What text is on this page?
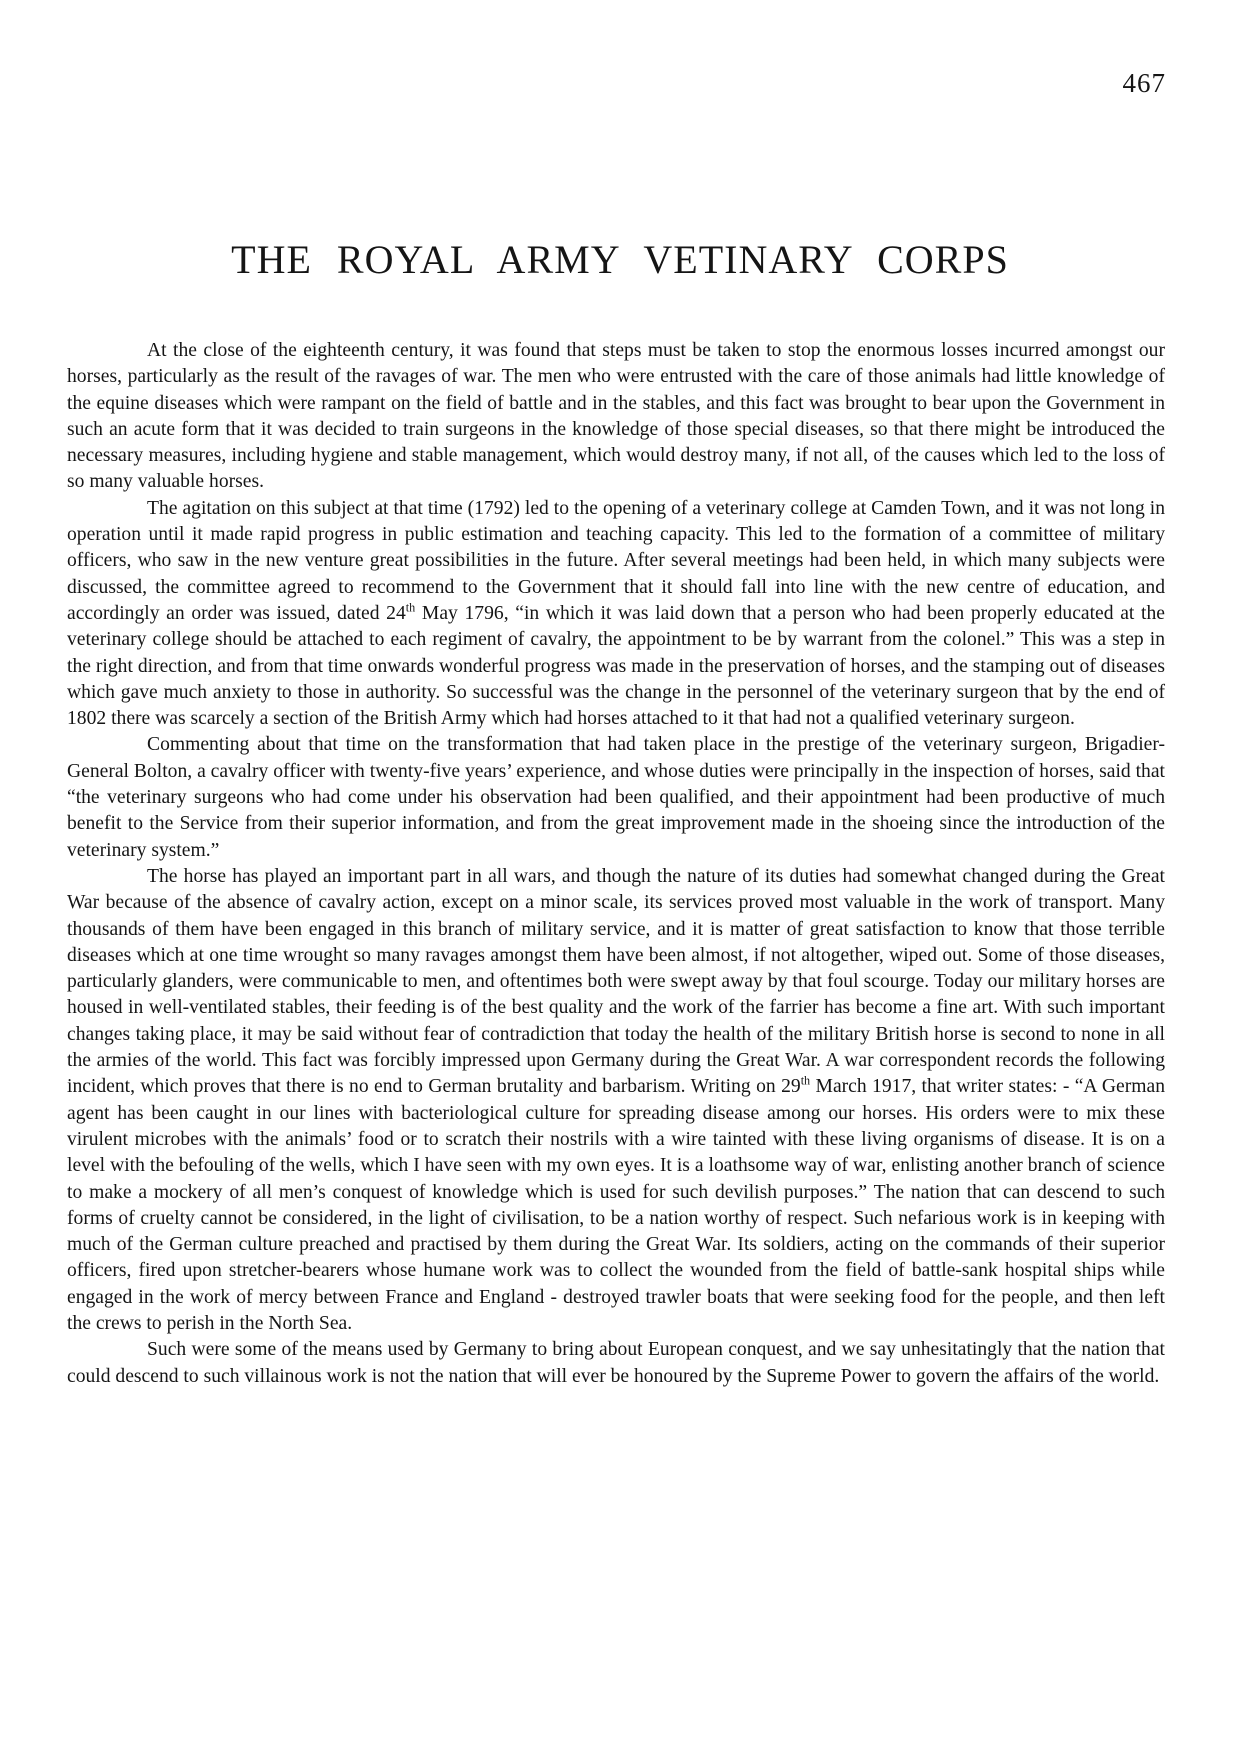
467
THE ROYAL ARMY VETINARY CORPS

At the close of the eighteenth century, it was found that steps must be taken to stop the enormous losses incurred amongst our horses, particularly as the result of the ravages of war. The men who were entrusted with the care of those animals had little knowledge of the equine diseases which were rampant on the field of battle and in the stables, and this fact was brought to bear upon the Government in such an acute form that it was decided to train surgeons in the knowledge of those special diseases, so that there might be introduced the necessary measures, including hygiene and stable management, which would destroy many, if not all, of the causes which led to the loss of so many valuable horses.

The agitation on this subject at that time (1792) led to the opening of a veterinary college at Camden Town, and it was not long in operation until it made rapid progress in public estimation and teaching capacity. This led to the formation of a committee of military officers, who saw in the new venture great possibilities in the future. After several meetings had been held, in which many subjects were discussed, the committee agreed to recommend to the Government that it should fall into line with the new centre of education, and accordingly an order was issued, dated 24th May 1796, “in which it was laid down that a person who had been properly educated at the veterinary college should be attached to each regiment of cavalry, the appointment to be by warrant from the colonel.” This was a step in the right direction, and from that time onwards wonderful progress was made in the preservation of horses, and the stamping out of diseases which gave much anxiety to those in authority. So successful was the change in the personnel of the veterinary surgeon that by the end of 1802 there was scarcely a section of the British Army which had horses attached to it that had not a qualified veterinary surgeon.

Commenting about that time on the transformation that had taken place in the prestige of the veterinary surgeon, Brigadier-General Bolton, a cavalry officer with twenty-five years’ experience, and whose duties were principally in the inspection of horses, said that “the veterinary surgeons who had come under his observation had been qualified, and their appointment had been productive of much benefit to the Service from their superior information, and from the great improvement made in the shoeing since the introduction of the veterinary system.”

The horse has played an important part in all wars, and though the nature of its duties had somewhat changed during the Great War because of the absence of cavalry action, except on a minor scale, its services proved most valuable in the work of transport. Many thousands of them have been engaged in this branch of military service, and it is matter of great satisfaction to know that those terrible diseases which at one time wrought so many ravages amongst them have been almost, if not altogether, wiped out. Some of those diseases, particularly glanders, were communicable to men, and oftentimes both were swept away by that foul scourge. Today our military horses are housed in well-ventilated stables, their feeding is of the best quality and the work of the farrier has become a fine art. With such important changes taking place, it may be said without fear of contradiction that today the health of the military British horse is second to none in all the armies of the world. This fact was forcibly impressed upon Germany during the Great War. A war correspondent records the following incident, which proves that there is no end to German brutality and barbarism. Writing on 29th March 1917, that writer states: - “A German agent has been caught in our lines with bacteriological culture for spreading disease among our horses. His orders were to mix these virulent microbes with the animals’ food or to scratch their nostrils with a wire tainted with these living organisms of disease. It is on a level with the befouling of the wells, which I have seen with my own eyes. It is a loathsome way of war, enlisting another branch of science to make a mockery of all men’s conquest of knowledge which is used for such devilish purposes.” The nation that can descend to such forms of cruelty cannot be considered, in the light of civilisation, to be a nation worthy of respect. Such nefarious work is in keeping with much of the German culture preached and practised by them during the Great War. Its soldiers, acting on the commands of their superior officers, fired upon stretcher-bearers whose humane work was to collect the wounded from the field of battle-sank hospital ships while engaged in the work of mercy between France and England - destroyed trawler boats that were seeking food for the people, and then left the crews to perish in the North Sea.

Such were some of the means used by Germany to bring about European conquest, and we say unhesitatingly that the nation that could descend to such villainous work is not the nation that will ever be honoured by the Supreme Power to govern the affairs of the world.
